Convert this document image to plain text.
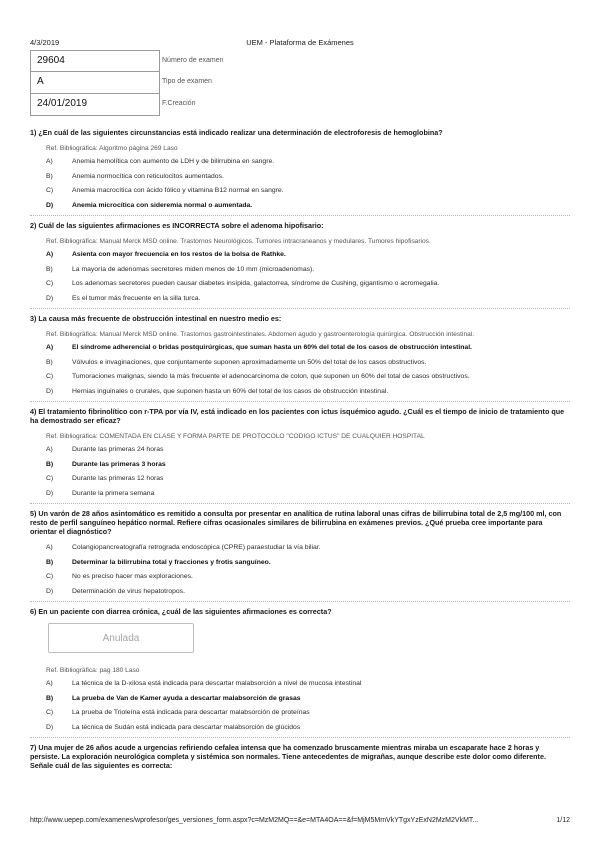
4/3/2019	UEM - Plataforma de Exámenes
29604	Número de examen
A	Tipo de examen
24/01/2019	F.Creación
1) ¿En cuál de las siguientes circunstancias está indicado realizar una determinación de electroforesis de hemoglobina?
Ref. Bibliográfica: Algoritmo página 269 Laso
A)	Anemia hemolítica con aumento de LDH y de bilirrubina en sangre.
B)	Anemia normocítica con reticulocitos aumentados.
C)	Anemia macrocítica con ácido fólico y vitamina B12 normal en sangre.
D)	Anemia microcítica con sideremia normal o aumentada.
2) Cuál de las siguientes afirmaciones es INCORRECTA sobre el adenoma hipofisario:
Ref. Bibliográfica: Manual Merck MSD online. Trastornos Neurológicos. Tumores intracraneanos y medulares. Tumores hipofisarios.
A)	Asienta con mayor frecuencia en los restos de la bolsa de Rathke.
B)	La mayoría de adenomas secretores miden menos de 10 mm (microadenomas).
C)	Los adenomas secretores pueden causar diabetes insípida, galactorrea, síndrome de Cushing, gigantismo o acromegalia.
D)	Es el tumor más frecuente en la silla turca.
3) La causa más frecuente de obstrucción intestinal en nuestro medio es:
Ref. Bibliográfica: Manual Merck MSD online. Trastornos gastrointestinales. Abdomen agudo y gastroenterología quirúrgica. Obstrucción intestinal.
A)	El síndrome adherencial o bridas postquirúrgicas, que suman hasta un 60% del total de los casos de obstrucción intestinal.
B)	Vólvulos e invaginaciones, que conjuntamente suponen aproximadamente un 50% del total de los casos obstructivos.
C)	Tumoraciones malignas, siendo la más frecuente el adenocarcinoma de colon, que suponen un 60% del total de casos obstructivos.
D)	Hernias inguinales o crurales, que suponen hasta un 60% del total de los casos de obstrucción intestinal.
4) El tratamiento fibrinolítico con r-TPA por vía IV, está indicado en los pacientes con ictus isquémico agudo. ¿Cuál es el tiempo de inicio de tratamiento que ha demostrado ser eficaz?
Ref. Bibliográfica: COMENTADA EN CLASE Y FORMA PARTE DE PROTOCOLO "CODIGO ICTUS" DE CUALQUIER HOSPITAL
A)	Durante las primeras 24 horas
B)	Durante las primeras 3 horas
C)	Durante las primeras 12 horas
D)	Durante la primera semana
5) Un varón de 28 años asintomático es remitido a consulta por presentar en analítica de rutina laboral unas cifras de bilirrubina total de 2,5 mg/100 ml, con resto de perfil sanguíneo hepático normal. Refiere cifras ocasionales similares de bilirrubina en exámenes previos. ¿Qué prueba cree importante para orientar el diagnóstico?
A)	Colangiopancreatografía retrograda endoscópica (CPRE) paraestudiar la vía biliar.
B)	Determinar la bilirrubina total y fracciones y frotis sanguíneo.
C)	No es preciso hacer mas exploraciones.
D)	Determinación de virus hepatotropos.
6) En un paciente con diarrea crónica, ¿cuál de las siguientes afirmaciones es correcta?
Anulada
Ref. Bibliográfica: pag 180 Laso
A)	La técnica de la D-xilosa está indicada para descartar malabsorción a nivel de mucosa intestinal
B)	La prueba de Van de Kamer ayuda a descartar malabsorción de grasas
C)	La prueba de Trioleína está indicada para descartar malabsorción de proteínas
D)	La técnica de Sudán está indicada para descartar malabsorción de glúcidos
7) Una mujer de 26 años acude a urgencias refiriendo cefalea intensa que ha comenzado bruscamente mientras miraba un escaparate hace 2 horas y persiste. La exploración neurológica completa y sistémica son normales. Tiene antecedentes de migrañas, aunque describe este dolor como diferente. Señale cuál de las siguientes es correcta:
http://www.uepep.com/examenes/wprofesor/ges_versiones_form.aspx?c=MzM2MQ==&e=MTA4OA==&f=MjM5MmVkYTgxYzExN2MzM2VkMT...	1/12
